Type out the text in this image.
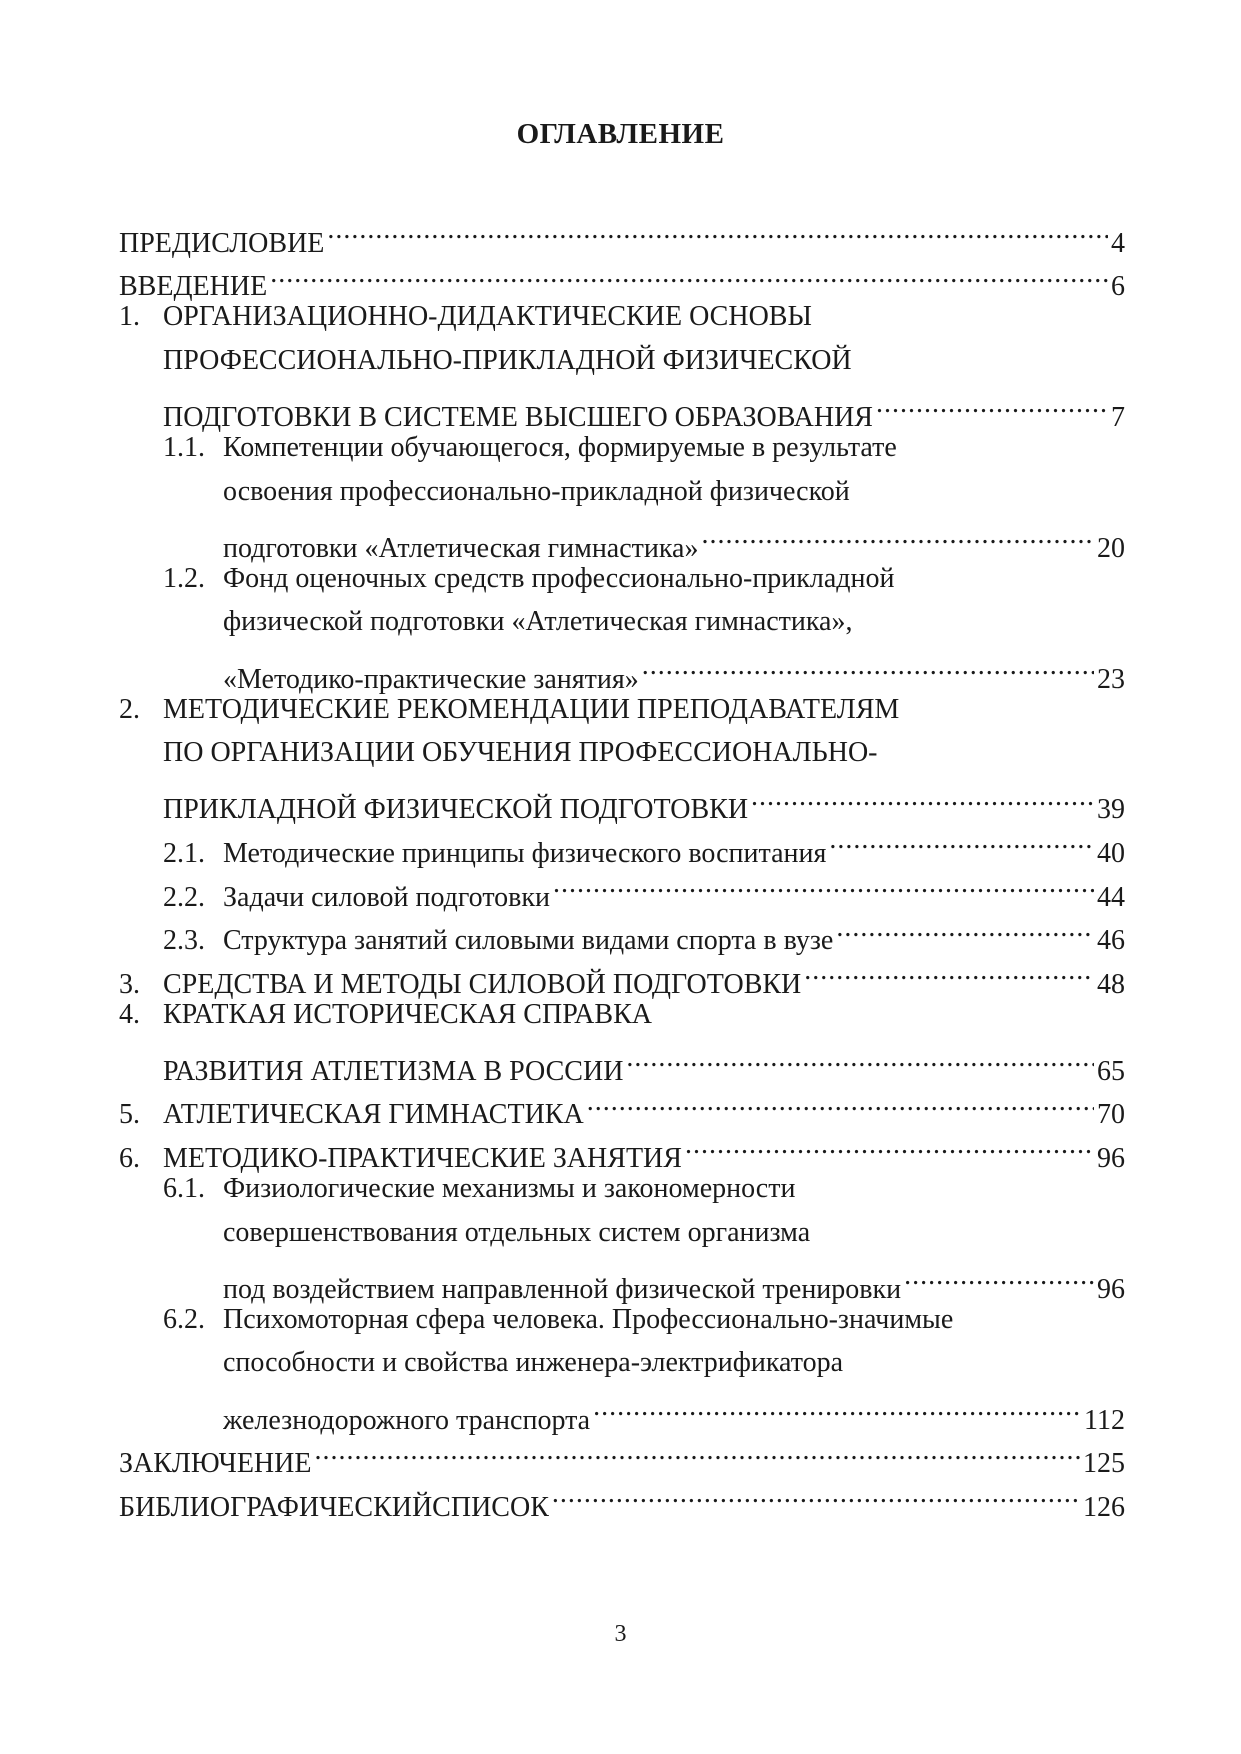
ОГЛАВЛЕНИЕ
ПРЕДИСЛОВИЕ .....	4
ВВЕДЕНИЕ .....	6
1. ОРГАНИЗАЦИОННО-ДИДАКТИЧЕСКИЕ ОСНОВЫ
ПРОФЕССИОНАЛЬНО-ПРИКЛАДНОЙ ФИЗИЧЕСКОЙ
ПОДГОТОВКИ В СИСТЕМЕ ВЫСШЕГО ОБРАЗОВАНИЯ .....	7
1.1. Компетенции обучающегося, формируемые в результате
освоения профессионально-прикладной физической
подготовки «Атлетическая гимнастика» .....	20
1.2. Фонд оценочных средств профессионально-прикладной
физической подготовки «Атлетическая гимнастика»,
«Методико-практические занятия» .....	23
2. МЕТОДИЧЕСКИЕ РЕКОМЕНДАЦИИ ПРЕПОДАВАТЕЛЯМ
ПО ОРГАНИЗАЦИИ ОБУЧЕНИЯ ПРОФЕССИОНАЛЬНО-
ПРИКЛАДНОЙ ФИЗИЧЕСКОЙ ПОДГОТОВКИ .....	39
2.1. Методические принципы физического воспитания .....	40
2.2. Задачи силовой подготовки .....	44
2.3. Структура занятий силовыми видами спорта в вузе .....	46
3. СРЕДСТВА И МЕТОДЫ СИЛОВОЙ ПОДГОТОВКИ .....	48
4. КРАТКАЯ ИСТОРИЧЕСКАЯ СПРАВКА
РАЗВИТИЯ АТЛЕТИЗМА В РОССИИ .....	65
5. АТЛЕТИЧЕСКАЯ ГИМНАСТИКА .....	70
6. МЕТОДИКО-ПРАКТИЧЕСКИЕ ЗАНЯТИЯ .....	96
6.1. Физиологические механизмы и закономерности
совершенствования отдельных систем организма
под воздействием направленной физической тренировки .....	96
6.2. Психомоторная сфера человека. Профессионально-значимые
способности и свойства инженера-электрификатора
железнодорожного транспорта .....	112
ЗАКЛЮЧЕНИЕ .....	125
БИБЛИОГРАФИЧЕСКИЙСПИСОК .....	126
3
